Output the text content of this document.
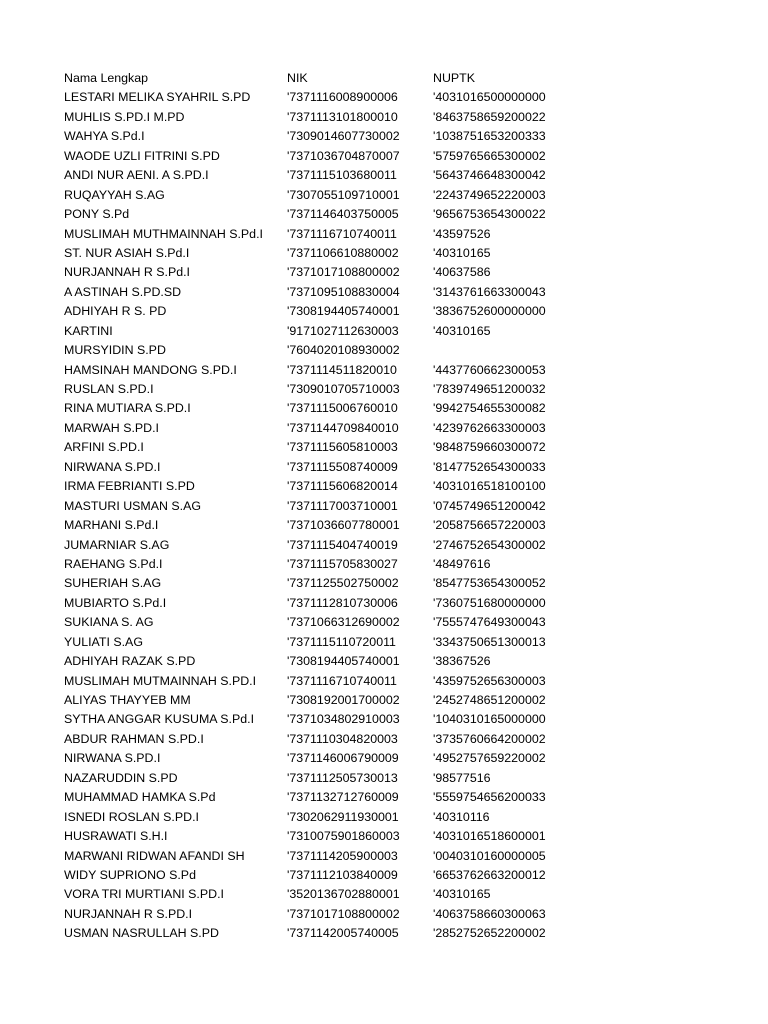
Nama Lengkap	NIK	NUPTK
LESTARI MELIKA SYAHRIL S.PD	'7371116008900006	'4031016500000000
MUHLIS S.PD.I M.PD	'7371113101800010	'8463758659200022
WAHYA S.Pd.I	'7309014607730002	'1038751653200333
WAODE UZLI FITRINI S.PD	'7371036704870007	'5759765665300002
ANDI NUR AENI. A S.PD.I	'7371115103680011	'5643746648300042
RUQAYYAH S.AG	'7307055109710001	'2243749652220003
PONY S.Pd	'7371146403750005	'9656753654300022
MUSLIMAH MUTHMAINNAH S.Pd.I	'7371116710740011	'43597526
ST. NUR ASIAH S.Pd.I	'7371106610880002	'40310165
NURJANNAH R S.Pd.I	'7371017108800002	'40637586
A ASTINAH S.PD.SD	'7371095108830004	'3143761663300043
ADHIYAH R S. PD	'7308194405740001	'3836752600000000
KARTINI	'9171027112630003	'40310165
MURSYIDIN S.PD	'7604020108930002
HAMSINAH MANDONG S.PD.I	'7371114511820010	'4437760662300053
RUSLAN S.PD.I	'7309010705710003	'7839749651200032
RINA MUTIARA S.PD.I	'7371115006760010	'9942754655300082
MARWAH S.PD.I	'7371144709840010	'4239762663300003
ARFINI S.PD.I	'7371115605810003	'9848759660300072
NIRWANA S.PD.I	'7371115508740009	'8147752654300033
IRMA FEBRIANTI S.PD	'7371115606820014	'4031016518100100
MASTURI USMAN S.AG	'7371117003710001	'0745749651200042
MARHANI S.Pd.I	'7371036607780001	'2058756657220003
JUMARNIAR S.AG	'7371115404740019	'2746752654300002
RAEHANG S.Pd.I	'7371115705830027	'48497616
SUHERIAH S.AG	'7371125502750002	'8547753654300052
MUBIARTO S.Pd.I	'7371112810730006	'7360751680000000
SUKIANA S. AG	'7371066312690002	'7555747649300043
YULIATI S.AG	'7371115110720011	'3343750651300013
ADHIYAH RAZAK S.PD	'7308194405740001	'38367526
MUSLIMAH MUTMAINNAH S.PD.I	'7371116710740011	'4359752656300003
ALIYAS THAYYEB MM	'7308192001700002	'2452748651200002
SYTHA ANGGAR KUSUMA S.Pd.I	'7371034802910003	'1040310165000000
ABDUR RAHMAN S.PD.I	'7371110304820003	'3735760664200002
NIRWANA S.PD.I	'7371146006790009	'4952757659220002
NAZARUDDIN S.PD	'7371112505730013	'98577516
MUHAMMAD HAMKA S.Pd	'7371132712760009	'5559754656200033
ISNEDI ROSLAN S.PD.I	'7302062911930001	'40310116
HUSRAWATI S.H.I	'7310075901860003	'4031016518600001
MARWANI RIDWAN AFANDI SH	'7371114205900003	'0040310160000005
WIDY SUPRIONO S.Pd	'7371112103840009	'6653762663200012
VORA TRI MURTIANI S.PD.I	'3520136702880001	'40310165
NURJANNAH R S.PD.I	'7371017108800002	'4063758660300063
USMAN NASRULLAH S.PD	'7371142005740005	'2852752652200002
